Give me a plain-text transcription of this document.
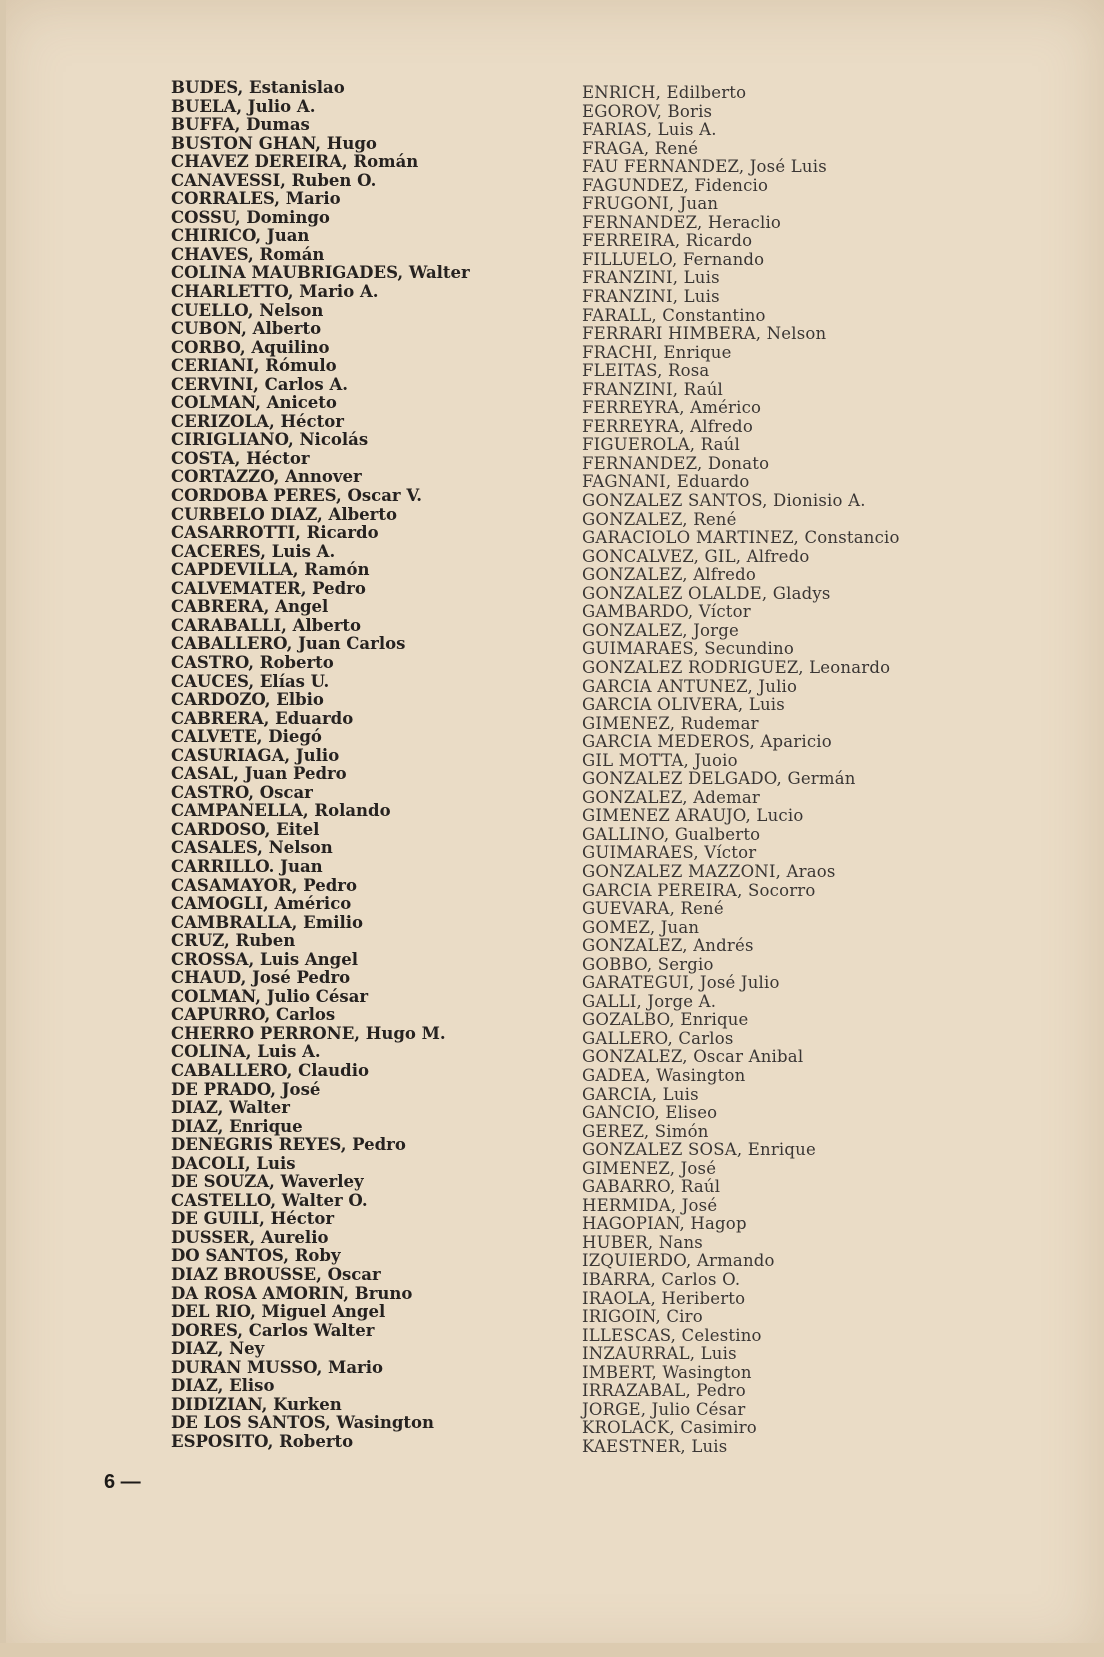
BUDES, Estanislao
BUELA, Julio A.
BUFFA, Dumas
BUSTON GHAN, Hugo
CHAVEZ DEREIRA, Román
CANAVESSI, Ruben O.
CORRALES, Mario
COSSU, Domingo
CHIRICO, Juan
CHAVES, Román
COLINA MAUBRIGADES, Walter
CHARLETTO, Mario A.
CUELLO, Nelson
CUBON, Alberto
CORBO, Aquilino
CERIANI, Rómulo
CERVINI, Carlos A.
COLMAN, Aniceto
CERIZOLA, Héctor
CIRIGLIANO, Nicolás
COSTA, Héctor
CORTAZZO, Annover
CORDOBA PERES, Oscar V.
CURBELO DIAZ, Alberto
CASARROTTI, Ricardo
CACERES, Luis A.
CAPDEVILLA, Ramón
CALVEMATER, Pedro
CABRERA, Angel
CARABALLI, Alberto
CABALLERO, Juan Carlos
CASTRO, Roberto
CAUCES, Elías U.
CARDOZO, Elbio
CABRERA, Eduardo
CALVETE, Diegó
CASURIAGA, Julio
CASAL, Juan Pedro
CASTRO, Oscar
CAMPANELLA, Rolando
CARDOSO, Eitel
CASALES, Nelson
CARRILLO. Juan
CASAMAYOR, Pedro
CAMOGLI, Américo
CAMBRALLA, Emilio
CRUZ, Ruben
CROSSA, Luis Angel
CHAUD, José Pedro
COLMAN, Julio César
CAPURRO, Carlos
CHERRO PERRONE, Hugo M.
COLINA, Luis A.
CABALLERO, Claudio
DE PRADO, José
DIAZ, Walter
DIAZ, Enrique
DENEGRIS REYES, Pedro
DACOLI, Luis
DE SOUZA, Waverley
CASTELLO, Walter O.
DE GUILI, Héctor
DUSSER, Aurelio
DO SANTOS, Roby
DIAZ BROUSSE, Oscar
DA ROSA AMORIN, Bruno
DEL RIO, Miguel Angel
DORES, Carlos Walter
DIAZ, Ney
DURAN MUSSO, Mario
DIAZ, Eliso
DIDIZIAN, Kurken
DE LOS SANTOS, Wasington
ESPOSITO, Roberto
ENRICH, Edilberto
EGOROV, Boris
FARIAS, Luis A.
FRAGA, René
FAU FERNANDEZ, José Luis
FAGUNDEZ, Fidencio
FRUGONI, Juan
FERNANDEZ, Heraclio
FERREIRA, Ricardo
FILLUELO, Fernando
FRANZINI, Luis
FRANZINI, Luis
FARALL, Constantino
FERRARI HIMBERA, Nelson
FRACHI, Enrique
FLEITAS, Rosa
FRANZINI, Raúl
FERREYRA, Américo
FERREYRA, Alfredo
FIGUEROLA, Raúl
FERNANDEZ, Donato
FAGNANI, Eduardo
GONZALEZ SANTOS, Dionisio A.
GONZALEZ, René
GARACIOLO MARTINEZ, Constancio
GONCALVEZ, GIL, Alfredo
GONZALEZ, Alfredo
GONZALEZ OLALDE, Gladys
GAMBARDO, Víctor
GONZALEZ, Jorge
GUIMARAES, Secundino
GONZALEZ RODRIGUEZ, Leonardo
GARCIA ANTUNEZ, Julio
GARCIA OLIVERA, Luis
GIMENEZ, Rudemar
GARCIA MEDEROS, Aparicio
GIL MOTTA, Juoio
GONZALEZ DELGADO, Germán
GONZALEZ, Ademar
GIMENEZ ARAUJO, Lucio
GALLINO, Gualberto
GUIMARAES, Víctor
GONZALEZ MAZZONI, Araos
GARCIA PEREIRA, Socorro
GUEVARA, René
GOMEZ, Juan
GONZALEZ, Andrés
GOBBO, Sergio
GARATEGUI, José Julio
GALLI, Jorge A.
GOZALBO, Enrique
GALLERO, Carlos
GONZALEZ, Oscar Anibal
GADEA, Wasington
GARCIA, Luis
GANCIO, Eliseo
GEREZ, Simón
GONZALEZ SOSA, Enrique
GIMENEZ, José
GABARRO, Raúl
HERMIDA, José
HAGOPIAN, Hagop
HUBER, Nans
IZQUIERDO, Armando
IBARRA, Carlos O.
IRAOLA, Heriberto
IRIGOIN, Ciro
ILLESCAS, Celestino
INZAURRAL, Luis
IMBERT, Wasington
IRRAZABAL, Pedro
JORGE, Julio César
KROLACK, Casimiro
KAESTNER, Luis
6 —
